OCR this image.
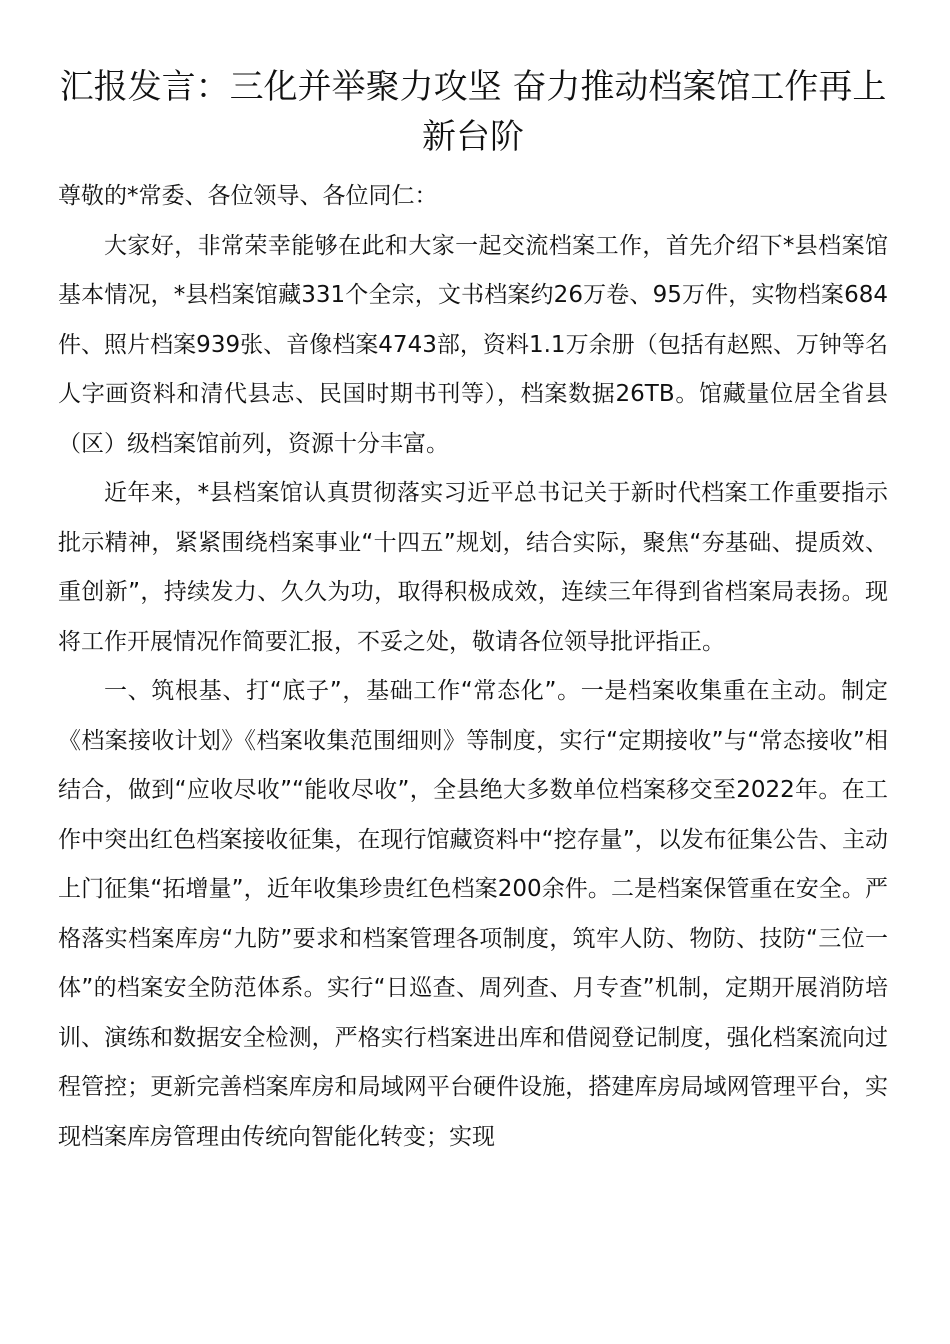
汇报发言：三化并举聚力攻坚 奋力推动档案馆工作再上新台阶

尊敬的*常委、各位领导、各位同仁：

大家好，非常荣幸能够在此和大家一起交流档案工作，首先介绍下*县档案馆基本情况，*县档案馆藏331个全宗，文书档案约26万卷、95万件，实物档案684件、照片档案939张、音像档案4743部，资料1.1万余册（包括有赵熙、万钟等名人字画资料和清代县志、民国时期书刊等），档案数据26TB。馆藏量位居全省县（区）级档案馆前列，资源十分丰富。

近年来，*县档案馆认真贯彻落实习近平总书记关于新时代档案工作重要指示批示精神，紧紧围绕档案事业“十四五”规划，结合实际，聚焦“夯基础、提质效、重创新”，持续发力、久久为功，取得积极成效，连续三年得到省档案局表扬。现将工作开展情况作简要汇报，不妥之处，敬请各位领导批评指正。

一、筑根基、打“底子”，基础工作“常态化”。一是档案收集重在主动。制定《档案接收计划》《档案收集范围细则》等制度，实行“定期接收”与“常态接收”相结合，做到“应收尽收”“能收尽收”，全县绝大多数单位档案移交至2022年。在工作中突出红色档案接收征集，在现行馆藏资料中“挖存量”，以发布征集公告、主动上门征集“拓增量”，近年收集珍贵红色档案200余件。二是档案保管重在安全。严格落实档案库房“九防”要求和档案管理各项制度，筑牢人防、物防、技防“三位一体”的档案安全防范体系。实行“日巡查、周列查、月专查”机制，定期开展消防培训、演练和数据安全检测，严格实行档案进出库和借阅登记制度，强化档案流向过程管控；更新完善档案库房和局域网平台硬件设施，搭建库房局域网管理平台，实现档案库房管理由传统向智能化转变；实现
